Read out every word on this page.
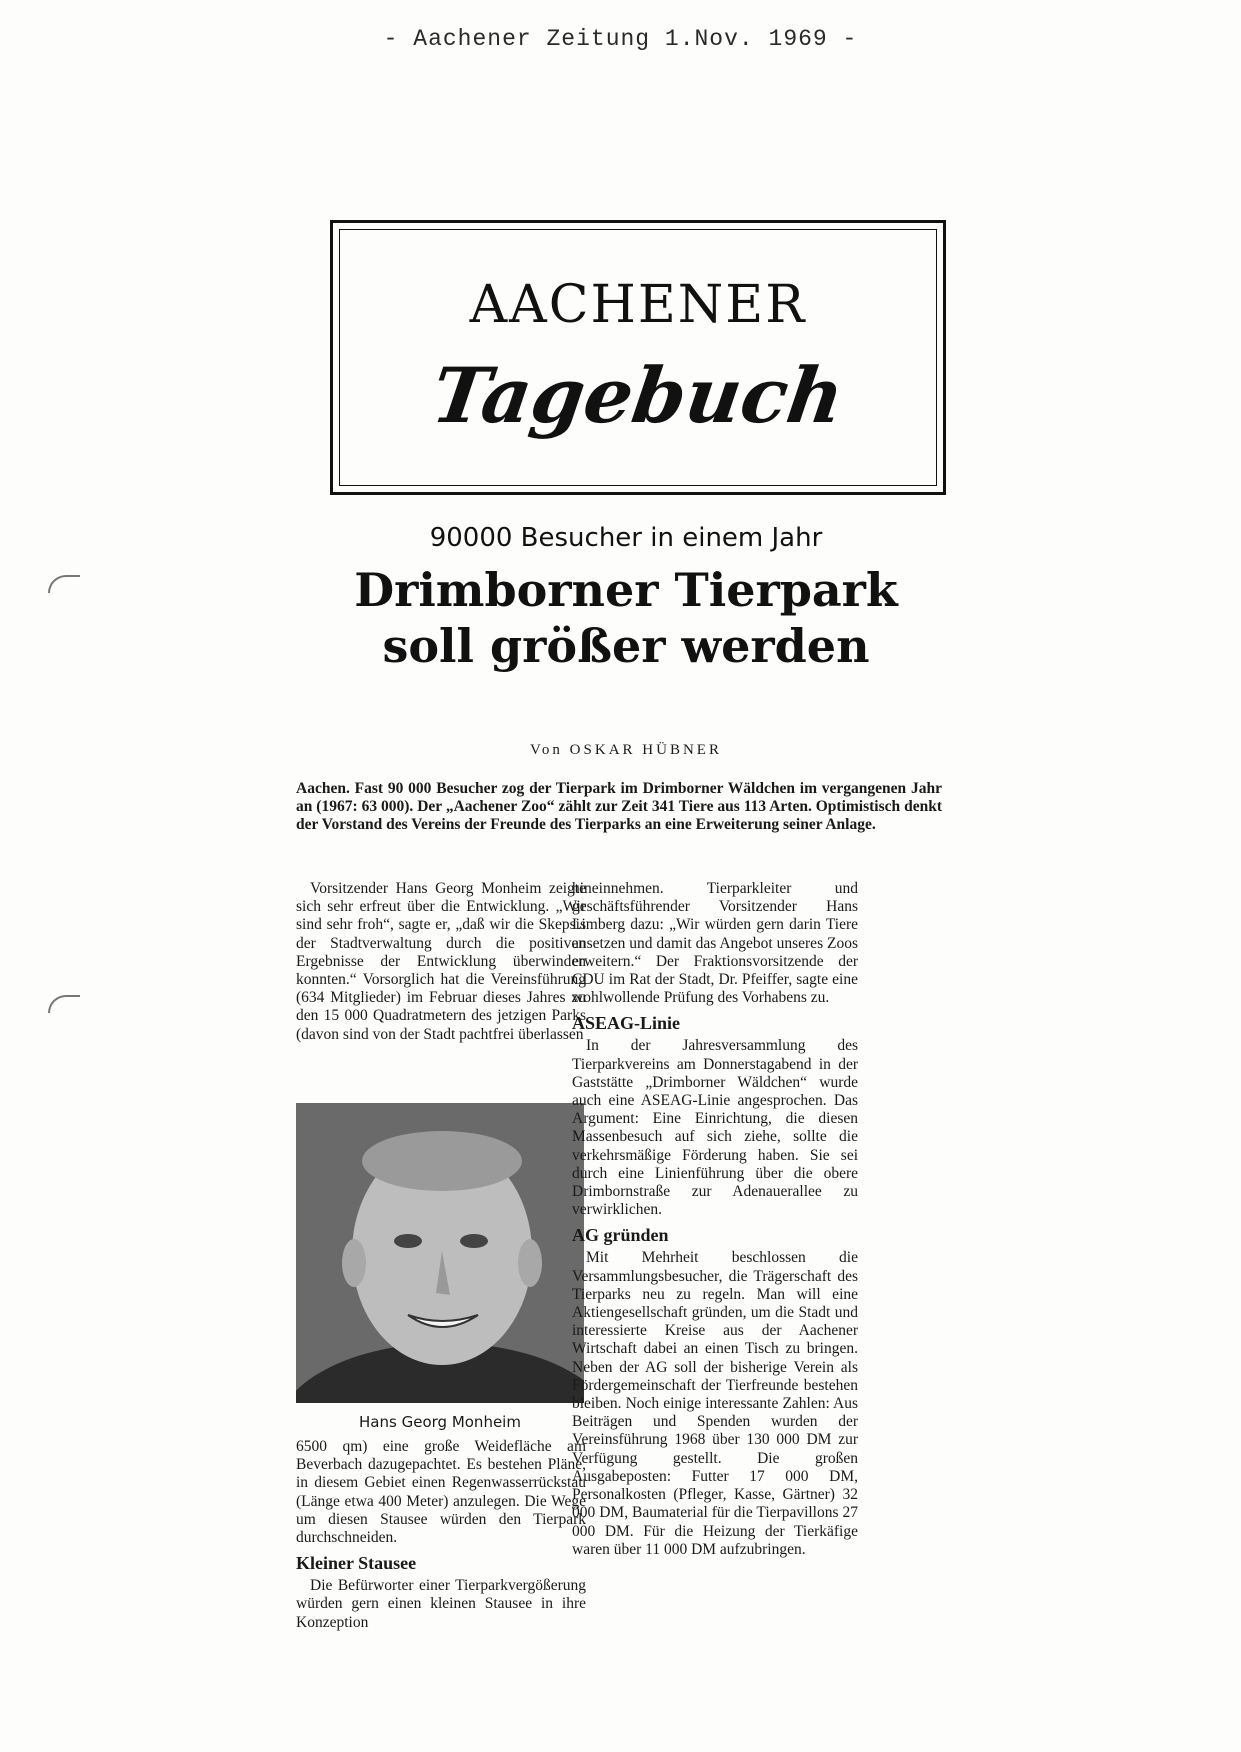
- Aachener Zeitung 1.Nov. 1969 -
AACHENER
Tagebuch
90000 Besucher in einem Jahr
Drimborner Tierpark
soll größer werden
Von OSKAR HÜBNER
Aachen. Fast 90 000 Besucher zog der Tierpark im Drimborner Wäldchen im vergangenen Jahr an (1967: 63 000). Der „Aachener Zoo“ zählt zur Zeit 341 Tiere aus 113 Arten. Optimistisch denkt der Vorstand des Vereins der Freunde des Tierparks an eine Erweiterung seiner Anlage.

Vorsitzender Hans Georg Monheim zeigte sich sehr erfreut über die Entwicklung. „Wir sind sehr froh“, sagte er, „daß wir die Skepsis der Stadtverwaltung durch die positiven Ergebnisse der Entwicklung überwinden konnten.“ Vorsorglich hat die Vereinsführung (634 Mitglieder) im Februar dieses Jahres zu den 15 000 Quadratmetern des jetzigen Parks (davon sind von der Stadt pachtfrei überlassen

Hans Georg Monheim

6500 qm) eine große Weidefläche am Beverbach dazugepachtet. Es bestehen Pläne, in diesem Gebiet einen Regenwasserrückstau (Länge etwa 400 Meter) anzulegen. Die Wege um diesen Stausee würden den Tierpark durchschneiden.

Kleiner Stausee

Die Befürworter einer Tierparkvergößerung würden gern einen kleinen Stausee in ihre Konzeption

hineinnehmen. Tierparkleiter und geschäftsführender Vorsitzender Hans Limberg dazu: „Wir würden gern darin Tiere ansetzen und damit das Angebot unseres Zoos erweitern.“ Der Fraktionsvorsitzende der CDU im Rat der Stadt, Dr. Pfeiffer, sagte eine wohlwollende Prüfung des Vorhabens zu.

ASEAG-Linie

In der Jahresversammlung des Tierparkvereins am Donnerstagabend in der Gaststätte „Drimborner Wäldchen“ wurde auch eine ASEAG-Linie angesprochen. Das Argument: Eine Einrichtung, die diesen Massenbesuch auf sich ziehe, sollte die verkehrsmäßige Förderung haben. Sie sei durch eine Linienführung über die obere Drimbornstraße zur Adenauerallee zu verwirklichen.

AG gründen

Mit Mehrheit beschlossen die Versammlungsbesucher, die Trägerschaft des Tierparks neu zu regeln. Man will eine Aktiengesellschaft gründen, um die Stadt und interessierte Kreise aus der Aachener Wirtschaft dabei an einen Tisch zu bringen. Neben der AG soll der bisherige Verein als Fördergemeinschaft der Tierfreunde bestehen bleiben. Noch einige interessante Zahlen: Aus Beiträgen und Spenden wurden der Vereinsführung 1968 über 130 000 DM zur Verfügung gestellt. Die großen Ausgabeposten: Futter 17 000 DM, Personalkosten (Pfleger, Kasse, Gärtner) 32 000 DM, Baumaterial für die Tierpavillons 27 000 DM. Für die Heizung der Tierkäfige waren über 11 000 DM aufzubringen.
